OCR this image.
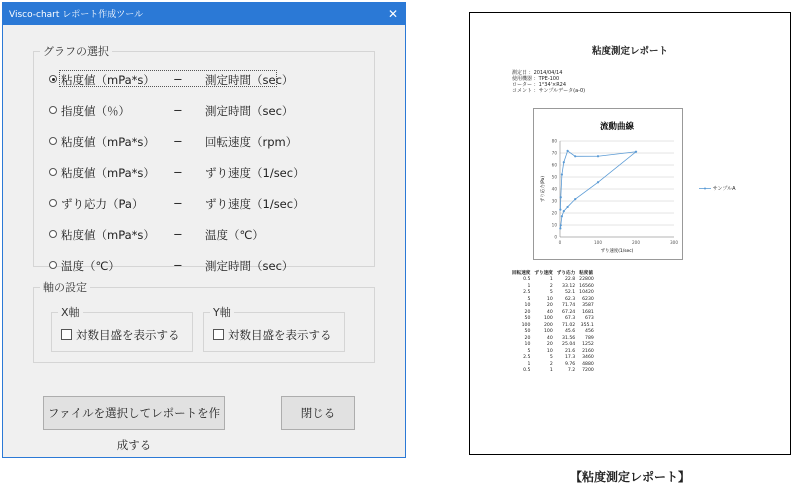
Visco-chart レポート作成ツール	✕
グラフの選択
粘度値（mPa*s） − 測定時間（sec）
指度値（％）	− 測定時間（sec）
粘度値（mPa*s） − 回転速度（rpm）
粘度値（mPa*s） − ずり速度（1/sec）
ずり応力（Pa）	− ずり速度（1/sec）
粘度値（mPa*s） − 温度（℃）
温度（℃）	− 測定時間（sec）
軸の設定
X軸	Y軸
対数目盛を表示する	対数目盛を表示する
ファイルを選択してレポートを作成する
閉じる
粘度測定レポート
測定日 ：2014/04/14
使用機器 ：TPE-100
ローター ：1°34'×R24
コメント ：サンプルデータ(a-0)
流動曲線
0
10
20
30
40
50
60
70
80
0	100	200	300
ずり速度(1/sec)
ずり応力(Pa)	サンプルA
回転速度	ずり速度	ずり応力	粘度値
0.5	1	22.8	22800
1	2	33.12	16560
2.5	5	52.1	10420
5	10	62.3	6230
10	20	71.74	3587
20	40	67.24	1681
50	100	67.3	673
100	200	71.02	355.1
50	100	45.6	456
20	40	31.56	789
10	20	25.04	1252
5	10	21.6	2160
2.5	5	17.3	3460
1	2	9.76	4880
0.5	1	7.2	7200
【粘度測定レポート】
